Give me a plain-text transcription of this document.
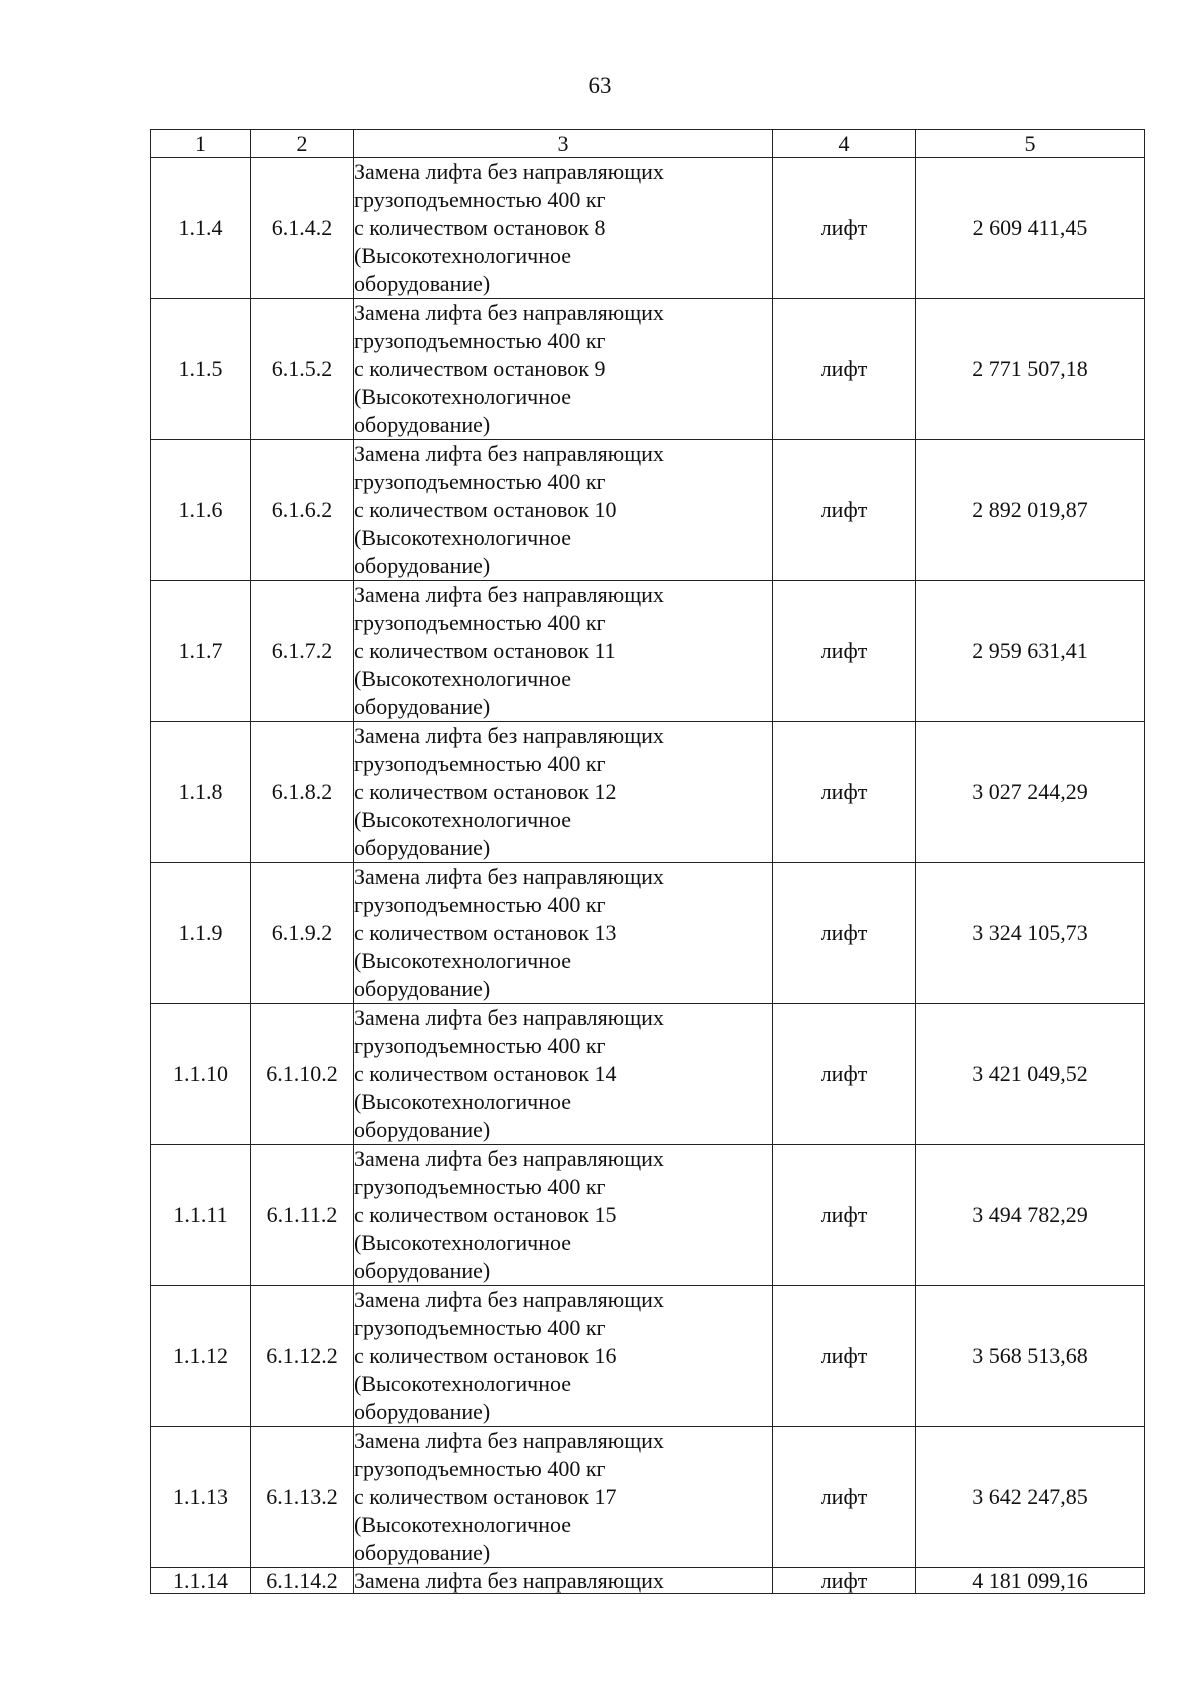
63
1	2	3	4	5
1.1.4	6.1.4.2	Замена лифта без направляющих
грузоподъемностью 400 кг
с количеством остановок 8
(Высокотехнологичное
оборудование)	лифт	2 609 411,45
1.1.5	6.1.5.2	Замена лифта без направляющих
грузоподъемностью 400 кг
с количеством остановок 9
(Высокотехнологичное
оборудование)	лифт	2 771 507,18
1.1.6	6.1.6.2	Замена лифта без направляющих
грузоподъемностью 400 кг
с количеством остановок 10
(Высокотехнологичное
оборудование)	лифт	2 892 019,87
1.1.7	6.1.7.2	Замена лифта без направляющих
грузоподъемностью 400 кг
с количеством остановок 11
(Высокотехнологичное
оборудование)	лифт	2 959 631,41
1.1.8	6.1.8.2	Замена лифта без направляющих
грузоподъемностью 400 кг
с количеством остановок 12
(Высокотехнологичное
оборудование)	лифт	3 027 244,29
1.1.9	6.1.9.2	Замена лифта без направляющих
грузоподъемностью 400 кг
с количеством остановок 13
(Высокотехнологичное
оборудование)	лифт	3 324 105,73
1.1.10	6.1.10.2	Замена лифта без направляющих
грузоподъемностью 400 кг
с количеством остановок 14
(Высокотехнологичное
оборудование)	лифт	3 421 049,52
1.1.11	6.1.11.2	Замена лифта без направляющих
грузоподъемностью 400 кг
с количеством остановок 15
(Высокотехнологичное
оборудование)	лифт	3 494 782,29
1.1.12	6.1.12.2	Замена лифта без направляющих
грузоподъемностью 400 кг
с количеством остановок 16
(Высокотехнологичное
оборудование)	лифт	3 568 513,68
1.1.13	6.1.13.2	Замена лифта без направляющих
грузоподъемностью 400 кг
с количеством остановок 17
(Высокотехнологичное
оборудование)	лифт	3 642 247,85
1.1.14	6.1.14.2	Замена лифта без направляющих	лифт	4 181 099,16
